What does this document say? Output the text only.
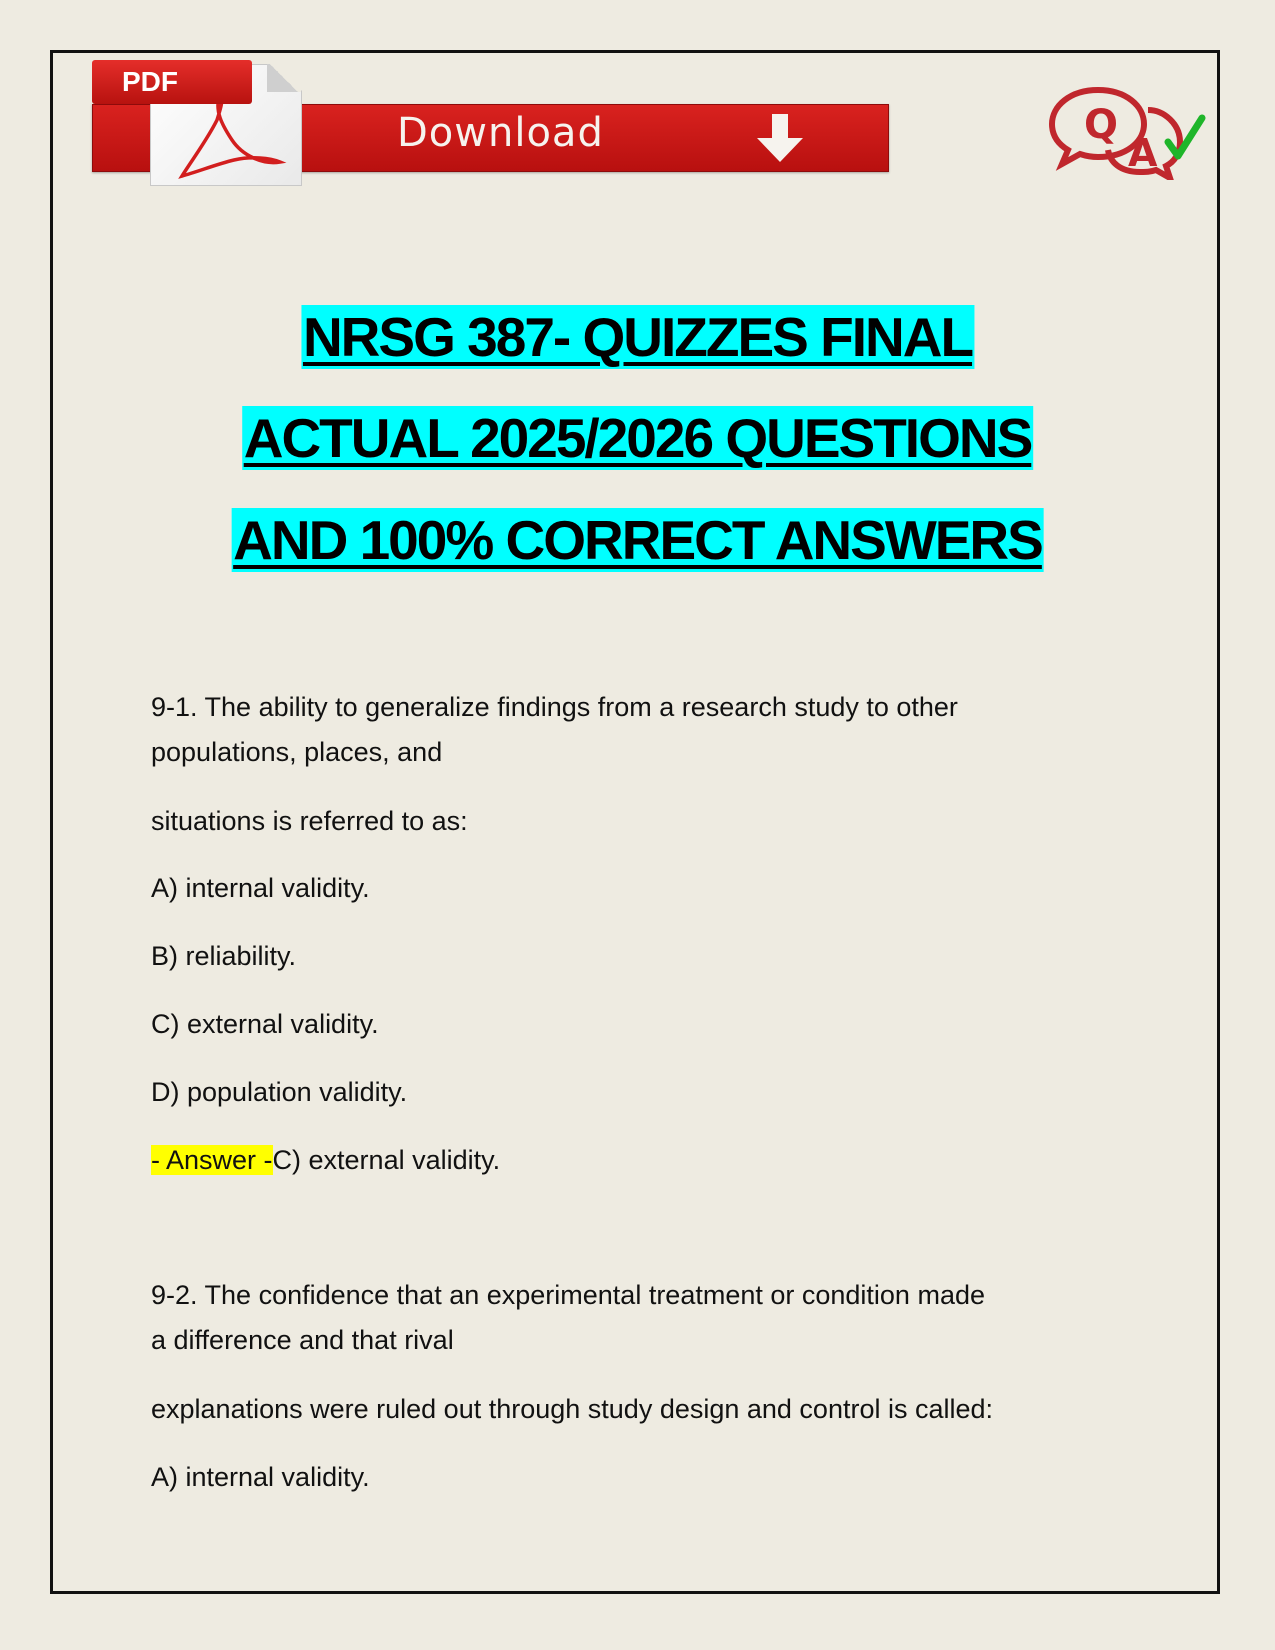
PDF
Download	Q
A
NRSG 387- QUIZZES FINAL
ACTUAL 2025/2026 QUESTIONS
AND 100% CORRECT ANSWERS
9-1. The ability to generalize findings from a research study to other
populations, places, and
situations is referred to as:
A) internal validity.
B) reliability.
C) external validity.
D) population validity.
- Answer -C) external validity.
9-2. The confidence that an experimental treatment or condition made
a difference and that rival
explanations were ruled out through study design and control is called:
A) internal validity.
